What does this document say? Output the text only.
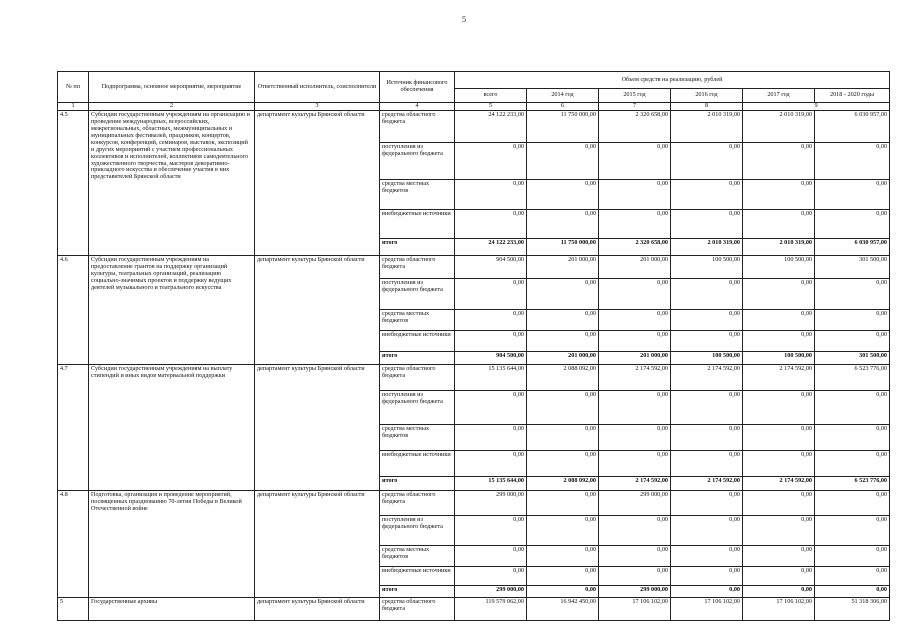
5
№ пп	Подпрограмма, основное мероприятие, мероприятие	Ответственный исполнитель, соисполнители	Источник финансового обеспечения	Объем средств на реализацию, рублей					
				всего	2014 год	2015 год	2016 год	2017 год	2018 - 2020 годы
1	2	3	4	5	6	7	8	9	
4.5	Субсидии государственным учреждениям на организацию и проведение международных, всероссийских, межрегиональных, областных, межмуниципальных и муниципальных фестивалей, праздников, концертов, конкурсов, конференций, семинаров, выставок, экспозиций и других мероприятий с участием профессиональных коллективов и исполнителей, коллективов самодеятельного художественного творчества, мастеров декоративно-прикладного искусства и обеспечение участия в них представителей Брянской области	департамент культуры Брянской области	средства областного бюджета	24 122 233,00	11 750 000,00	2 320 658,00	2 010 319,00	2 010 319,00	6 030 957,00
			поступления из федерального бюджета	0,00	0,00	0,00	0,00	0,00	0,00
			средства местных бюджетов	0,00	0,00	0,00	0,00	0,00	0,00
			внебюджетные источники	0,00	0,00	0,00	0,00	0,00	0,00
			итого	24 122 233,00	11 750 000,00	2 320 658,00	2 010 319,00	2 010 319,00	6 030 957,00
4.6	Субсидии государственным учреждениям на предоставление грантов на поддержку организаций культуры, театральных организаций, реализацию социально-значимых проектов и поддержку ведущих деятелей музыкального и театрального искусства	департамент культуры Брянской области	средства областного бюджета	904 500,00	201 000,00	201 000,00	100 500,00	100 500,00	301 500,00
			поступления из федерального бюджета	0,00	0,00	0,00	0,00	0,00	0,00
			средства местных бюджетов	0,00	0,00	0,00	0,00	0,00	0,00
			внебюджетные источники	0,00	0,00	0,00	0,00	0,00	0,00
			итого	904 500,00	201 000,00	201 000,00	100 500,00	100 500,00	301 500,00
4.7	Субсидии государственным учреждениям на выплату стипендий и иных видов материальной поддержки	департамент культуры Брянской области	средства областного бюджета	15 135 644,00	2 088 092,00	2 174 592,00	2 174 592,00	2 174 592,00	6 523 776,00
			поступления из федерального бюджета	0,00	0,00	0,00	0,00	0,00	0,00
			средства местных бюджетов	0,00	0,00	0,00	0,00	0,00	0,00
			внебюджетные источники	0,00	0,00	0,00	0,00	0,00	0,00
			итого	15 135 644,00	2 088 092,00	2 174 592,00	2 174 592,00	2 174 592,00	6 523 776,00
4.8	Подготовка, организация и проведение мероприятий, посвященных празднованию 70-летия Победы в Великой Отечественной войне	департамент культуры Брянской области	средства областного бюджета	299 000,00	0,00	299 000,00	0,00	0,00	0,00
			поступления из федерального бюджета	0,00	0,00	0,00	0,00	0,00	0,00
			средства местных бюджетов	0,00	0,00	0,00	0,00	0,00	0,00
			внебюджетные источники	0,00	0,00	0,00	0,00	0,00	0,00
			итого	299 000,00	0,00	299 000,00	0,00	0,00	0,00
5	Государственные архивы	департамент культуры Брянской области	средства областного бюджета	119 579 062,00	16 942 450,00	17 106 102,00	17 106 102,00	17 106 102,00	51 318 306,00
